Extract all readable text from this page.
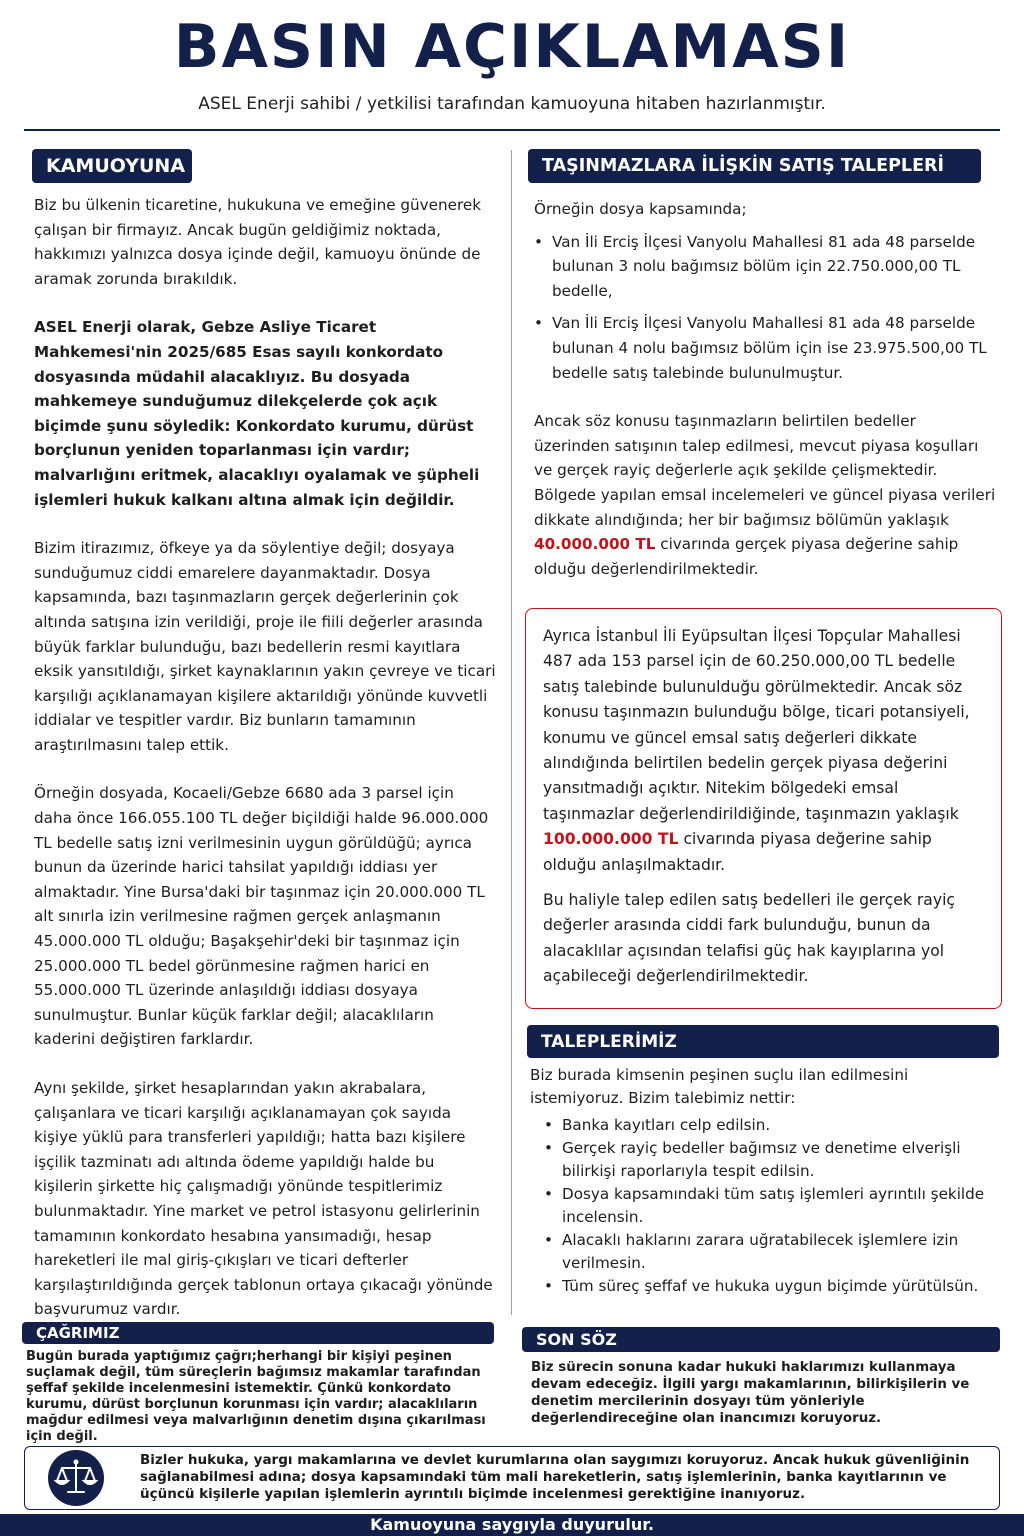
BASIN AÇIKLAMASI
ASEL Enerji sahibi / yetkilisi tarafından kamuoyuna hitaben hazırlanmıştır.
KAMUOYUNA

Biz bu ülkenin ticaretine, hukukuna ve emeğine güvenerek çalışan bir firmayız. Ancak bugün geldiğimiz noktada, hakkımızı yalnızca dosya içinde değil, kamuoyu önünde de aramak zorunda bırakıldık.

ASEL Enerji olarak, Gebze Asliye Ticaret Mahkemesi'nin 2025/685 Esas sayılı konkordato dosyasında müdahil alacaklıyız. Bu dosyada mahkemeye sunduğumuz dilekçelerde çok açık biçimde şunu söyledik: Konkordato kurumu, dürüst borçlunun yeniden toparlanması için vardır; malvarlığını eritmek, alacaklıyı oyalamak ve şüpheli işlemleri hukuk kalkanı altına almak için değildir.

Bizim itirazımız, öfkeye ya da söylentiye değil; dosyaya sunduğumuz ciddi emarelere dayanmaktadır. Dosya kapsamında, bazı taşınmazların gerçek değerlerinin çok altında satışına izin verildiği, proje ile fiili değerler arasında büyük farklar bulunduğu, bazı bedellerin resmi kayıtlara eksik yansıtıldığı, şirket kaynaklarının yakın çevreye ve ticari karşılığı açıklanamayan kişilere aktarıldığı yönünde kuvvetli iddialar ve tespitler vardır. Biz bunların tamamının araştırılmasını talep ettik.

Örneğin dosyada, Kocaeli/Gebze 6680 ada 3 parsel için daha önce 166.055.100 TL değer biçildiği halde 96.000.000 TL bedelle satış izni verilmesinin uygun görüldüğü; ayrıca bunun da üzerinde harici tahsilat yapıldığı iddiası yer almaktadır. Yine Bursa'daki bir taşınmaz için 20.000.000 TL alt sınırla izin verilmesine rağmen gerçek anlaşmanın 45.000.000 TL olduğu; Başakşehir'deki bir taşınmaz için 25.000.000 TL bedel görünmesine rağmen harici en 55.000.000 TL üzerinde anlaşıldığı iddiası dosyaya sunulmuştur. Bunlar küçük farklar değil; alacaklıların kaderini değiştiren farklardır.

Aynı şekilde, şirket hesaplarından yakın akrabalara, çalışanlara ve ticari karşılığı açıklanamayan çok sayıda kişiye yüklü para transferleri yapıldığı; hatta bazı kişilere işçilik tazminatı adı altında ödeme yapıldığı halde bu kişilerin şirkette hiç çalışmadığı yönünde tespitlerimiz bulunmaktadır. Yine market ve petrol istasyonu gelirlerinin tamamının konkordato hesabına yansımadığı, hesap hareketleri ile mal giriş-çıkışları ve ticari defterler karşılaştırıldığında gerçek tablonun ortaya çıkacağı yönünde başvurumuz vardır.

ÇAĞRIMIZ
Bugün burada yaptığımız çağrı;herhangi bir kişiyi peşinen suçlamak değil, tüm süreçlerin bağımsız makamlar tarafından şeffaf şekilde incelenmesini istemektir. Çünkü konkordato kurumu, dürüst borçlunun korunması için vardır; alacaklıların mağdur edilmesi veya malvarlığının denetim dışına çıkarılması için değil.
TAŞINMAZLARA İLİŞKİN SATIŞ TALEPLERİ

Örneğin dosya kapsamında;

• Van İli Erciş İlçesi Vanyolu Mahallesi 81 ada 48 parselde bulunan 3 nolu bağımsız bölüm için 22.750.000,00 TL bedelle,
• Van İli Erciş İlçesi Vanyolu Mahallesi 81 ada 48 parselde bulunan 4 nolu bağımsız bölüm için ise 23.975.500,00 TL bedelle satış talebinde bulunulmuştur.

Ancak söz konusu taşınmazların belirtilen bedeller üzerinden satışının talep edilmesi, mevcut piyasa koşulları ve gerçek rayiç değerlerle açık şekilde çelişmektedir. Bölgede yapılan emsal incelemeleri ve güncel piyasa verileri dikkate alındığında; her bir bağımsız bölümün yaklaşık 40.000.000 TL civarında gerçek piyasa değerine sahip olduğu değerlendirilmektedir.

Ayrıca İstanbul İli Eyüpsultan İlçesi Topçular Mahallesi 487 ada 153 parsel için de 60.250.000,00 TL bedelle satış talebinde bulunulduğu görülmektedir. Ancak söz konusu taşınmazın bulunduğu bölge, ticari potansiyeli, konumu ve güncel emsal satış değerleri dikkate alındığında belirtilen bedelin gerçek piyasa değerini yansıtmadığı açıktır. Nitekim bölgedeki emsal taşınmazlar değerlendirildiğinde, taşınmazın yaklaşık 100.000.000 TL civarında piyasa değerine sahip olduğu anlaşılmaktadır.

Bu haliyle talep edilen satış bedelleri ile gerçek rayiç değerler arasında ciddi fark bulunduğu, bunun da alacaklılar açısından telafisi güç hak kayıplarına yol açabileceği değerlendirilmektedir.

TALEPLERİMİZ

Biz burada kimsenin peşinen suçlu ilan edilmesini istemiyoruz. Bizim talebimiz nettir:

• Banka kayıtları celp edilsin.
• Gerçek rayiç bedeller bağımsız ve denetime elverişli bilirkişi raporlarıyla tespit edilsin.
• Dosya kapsamındaki tüm satış işlemleri ayrıntılı şekilde incelensin.
• Alacaklı haklarını zarara uğratabilecek işlemlere izin verilmesin.
• Tüm süreç şeffaf ve hukuka uygun biçimde yürütülsün.
SON SÖZ
Biz sürecin sonuna kadar hukuki haklarımızı kullanmaya devam edeceğiz. İlgili yargı makamlarının, bilirkişilerin ve denetim mercilerinin dosyayı tüm yönleriyle değerlendireceğine olan inancımızı koruyoruz.
Bizler hukuka, yargı makamlarına ve devlet kurumlarına olan saygımızı koruyoruz. Ancak hukuk güvenliğinin sağlanabilmesi adına; dosya kapsamındaki tüm mali hareketlerin, satış işlemlerinin, banka kayıtlarının ve üçüncü kişilerle yapılan işlemlerin ayrıntılı biçimde incelenmesi gerektiğine inanıyoruz.
Kamuoyuna saygıyla duyurulur.
